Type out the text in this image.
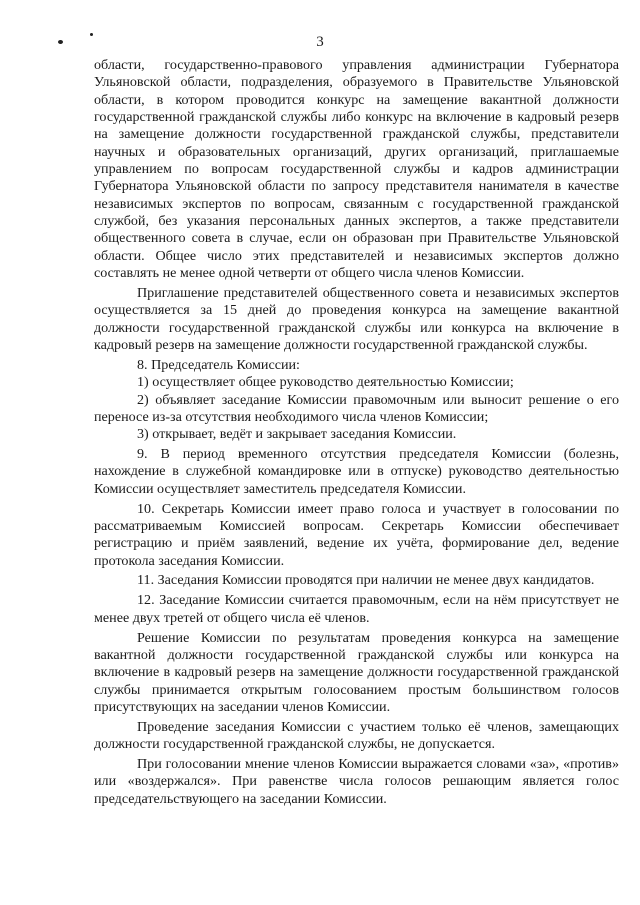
3

области, государственно-правового управления администрации Губернатора Ульяновской области, подразделения, образуемого в Правительстве Ульяновской области, в котором проводится конкурс на замещение вакантной должности государственной гражданской службы либо конкурс на включение в кадровый резерв на замещение должности государственной гражданской службы, представители научных и образовательных организаций, других организаций, приглашаемые управлением по вопросам государственной службы и кадров администрации Губернатора Ульяновской области по запросу представителя нанимателя в качестве независимых экспертов по вопросам, связанным с государственной гражданской службой, без указания персональных данных экспертов, а также представители общественного совета в случае, если он образован при Правительстве Ульяновской области. Общее число этих представителей и независимых экспертов должно составлять не менее одной четверти от общего числа членов Комиссии.

Приглашение представителей общественного совета и независимых экспертов осуществляется за 15 дней до проведения конкурса на замещение вакантной должности государственной гражданской службы или конкурса на включение в кадровый резерв на замещение должности государственной гражданской службы.

8. Председатель Комиссии:

1) осуществляет общее руководство деятельностью Комиссии;

2) объявляет заседание Комиссии правомочным или выносит решение о его переносе из-за отсутствия необходимого числа членов Комиссии;

3) открывает, ведёт и закрывает заседания Комиссии.

9. В период временного отсутствия председателя Комиссии (болезнь, нахождение в служебной командировке или в отпуске) руководство деятельностью Комиссии осуществляет заместитель председателя Комиссии.

10. Секретарь Комиссии имеет право голоса и участвует в голосовании по рассматриваемым Комиссией вопросам. Секретарь Комиссии обеспечивает регистрацию и приём заявлений, ведение их учёта, формирование дел, ведение протокола заседания Комиссии.

11. Заседания Комиссии проводятся при наличии не менее двух кандидатов.

12. Заседание Комиссии считается правомочным, если на нём присутствует не менее двух третей от общего числа её членов.

Решение Комиссии по результатам проведения конкурса на замещение вакантной должности государственной гражданской службы или конкурса на включение в кадровый резерв на замещение должности государственной гражданской службы принимается открытым голосованием простым большинством голосов присутствующих на заседании членов Комиссии.

Проведение заседания Комиссии с участием только её членов, замещающих должности государственной гражданской службы, не допускается.

При голосовании мнение членов Комиссии выражается словами «за», «против» или «воздержался». При равенстве числа голосов решающим является голос председательствующего на заседании Комиссии.
